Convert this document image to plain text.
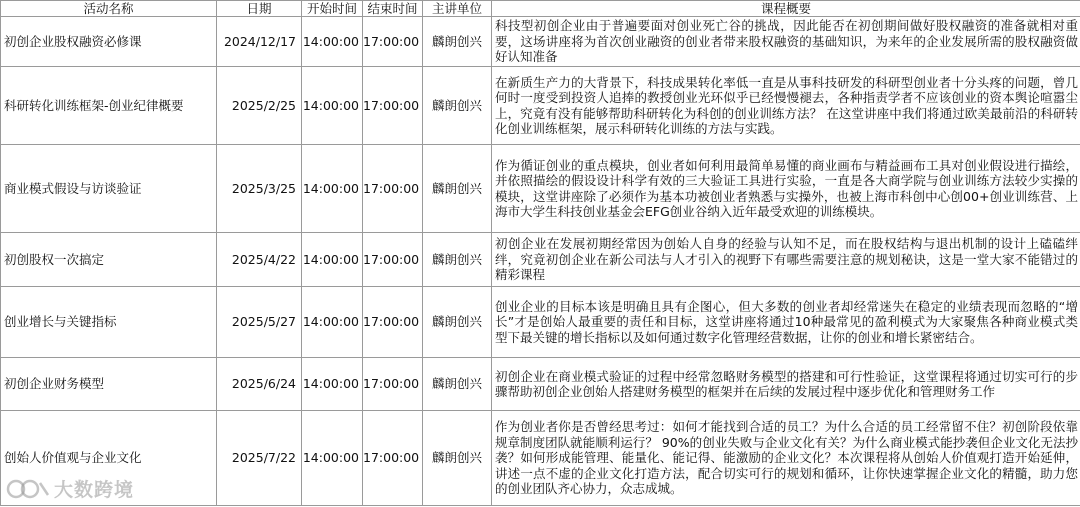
活动名称	日期	开始时间	结束时间	主讲单位	课程概要
初创企业股权融资必修课	2024/12/17	14:00:00	17:00:00	麟朗创兴	科技型初创企业由于普遍要面对创业死亡谷的挑战，因此能否在初创期间做好股权融资的准备就相对重要，这场讲座将为首次创业融资的创业者带来股权融资的基础知识，为来年的企业发展所需的股权融资做好认知准备
科研转化训练框架-创业纪律概要	2025/2/25	14:00:00	17:00:00	麟朗创兴	在新质生产力的大背景下，科技成果转化率低一直是从事科技研发的科研型创业者十分头疼的问题，曾几何时一度受到投资人追捧的教授创业光环似乎已经慢慢褪去，各种指责学者不应该创业的资本舆论喧嚣尘上，究竟有没有能够帮助科研转化为科创的创业训练方法？ 在这堂讲座中我们将通过欧美最前沿的科研转化创业训练框架，展示科研转化训练的方法与实践。
商业模式假设与访谈验证	2025/3/25	14:00:00	17:00:00	麟朗创兴	作为循证创业的重点模块，创业者如何利用最简单易懂的商业画布与精益画布工具对创业假设进行描绘，并依照描绘的假设设计科学有效的三大验证工具进行实验，一直是各大商学院与创业训练方法较少实操的模块，这堂讲座除了必须作为基本功被创业者熟悉与实操外，也被上海市科创中心创00+创业训练营、上海市大学生科技创业基金会EFG创业谷纳入近年最受欢迎的训练模块。
初创股权一次搞定	2025/4/22	14:00:00	17:00:00	麟朗创兴	初创企业在发展初期经常因为创始人自身的经验与认知不足，而在股权结构与退出机制的设计上磕磕绊绊，究竟初创企业在新公司法与人才引入的视野下有哪些需要注意的规划秘诀，这是一堂大家不能错过的精彩课程
创业增长与关键指标	2025/5/27	14:00:00	17:00:00	麟朗创兴	创业企业的目标本该是明确且具有企图心，但大多数的创业者却经常迷失在稳定的业绩表现而忽略的“增长”才是创始人最重要的责任和目标，这堂讲座将通过10种最常见的盈利模式为大家聚焦各种商业模式类型下最关键的增长指标以及如何通过数字化管理经营数据，让你的创业和增长紧密结合。
初创企业财务模型	2025/6/24	14:00:00	17:00:00	麟朗创兴	初创企业在商业模式验证的过程中经常忽略财务模型的搭建和可行性验证，这堂课程将通过切实可行的步骤帮助初创企业创始人搭建财务模型的框架并在后续的发展过程中逐步优化和管理财务工作
创始人价值观与企业文化	2025/7/22	14:00:00	17:00:00	麟朗创兴	作为创业者你是否曾经思考过：如何才能找到合适的员工？为什么合适的员工经常留不住？初创阶段依靠规章制度团队就能顺利运行？ 90%的创业失败与企业文化有关？为什么商业模式能抄袭但企业文化无法抄袭？如何形成能管理、能量化、能记得、能激励的企业文化？本次课程将从创始人价值观打造开始延伸，讲述一点不虚的企业文化打造方法，配合切实可行的规划和循环，让你快速掌握企业文化的精髓，助力您的创业团队齐心协力，众志成城。
大数跨境
